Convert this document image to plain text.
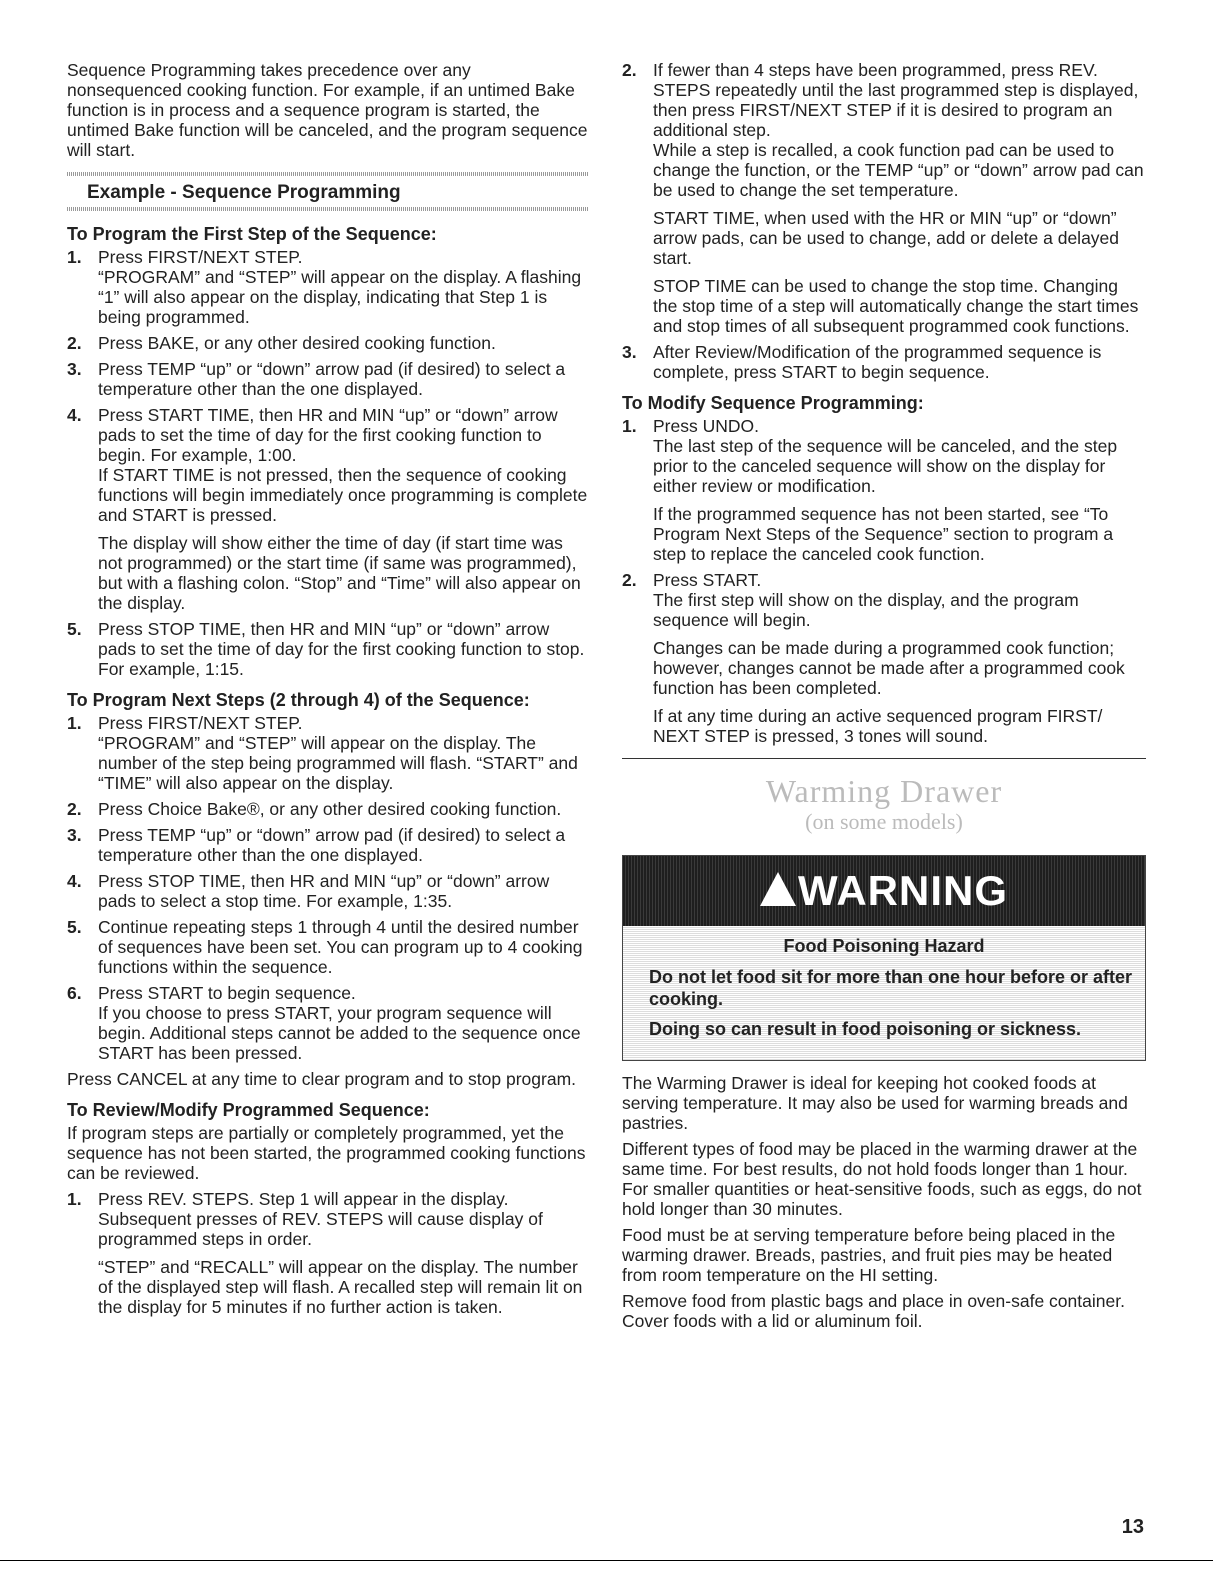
Sequence Programming takes precedence over any nonsequenced cooking function. For example, if an untimed Bake function is in process and a sequence program is started, the untimed Bake function will be canceled, and the program sequence will start.

Example - Sequence Programming
To Program the First Step of the Sequence:
1. Press FIRST/NEXT STEP.

“PROGRAM” and “STEP” will appear on the display. A flashing “1” will also appear on the display, indicating that Step 1 is being programmed.

2. Press BAKE, or any other desired cooking function.
3. Press TEMP “up” or “down” arrow pad (if desired) to select a temperature other than the one displayed.
4. Press START TIME, then HR and MIN “up” or “down” arrow pads to set the time of day for the first cooking function to begin. For example, 1:00.

If START TIME is not pressed, then the sequence of cooking functions will begin immediately once programming is complete and START is pressed.

The display will show either the time of day (if start time was not programmed) or the start time (if same was programmed), but with a flashing colon. “Stop” and “Time” will also appear on the display.

5. Press STOP TIME, then HR and MIN “up” or “down” arrow pads to set the time of day for the first cooking function to stop. For example, 1:15.
To Program Next Steps (2 through 4) of the Sequence:
1. Press FIRST/NEXT STEP.

“PROGRAM” and “STEP” will appear on the display. The number of the step being programmed will flash. “START” and “TIME” will also appear on the display.

2. Press Choice Bake®, or any other desired cooking function.
3. Press TEMP “up” or “down” arrow pad (if desired) to select a temperature other than the one displayed.
4. Press STOP TIME, then HR and MIN “up” or “down” arrow pads to select a stop time. For example, 1:35.
5. Continue repeating steps 1 through 4 until the desired number of sequences have been set. You can program up to 4 cooking functions within the sequence.
6. Press START to begin sequence.

If you choose to press START, your program sequence will begin. Additional steps cannot be added to the sequence once START has been pressed.

Press CANCEL at any time to clear program and to stop program.

To Review/Modify Programmed Sequence:

If program steps are partially or completely programmed, yet the sequence has not been started, the programmed cooking functions can be reviewed.

1. Press REV. STEPS. Step 1 will appear in the display.

Subsequent presses of REV. STEPS will cause display of programmed steps in order.

“STEP” and “RECALL” will appear on the display. The number of the displayed step will flash. A recalled step will remain lit on the display for 5 minutes if no further action is taken.

2. If fewer than 4 steps have been programmed, press REV. STEPS repeatedly until the last programmed step is displayed, then press FIRST/NEXT STEP if it is desired to program an additional step.

While a step is recalled, a cook function pad can be used to change the function, or the TEMP “up” or “down” arrow pad can be used to change the set temperature.

START TIME, when used with the HR or MIN “up” or “down” arrow pads, can be used to change, add or delete a delayed start.

STOP TIME can be used to change the stop time. Changing the stop time of a step will automatically change the start times and stop times of all subsequent programmed cook functions.

3. After Review/Modification of the programmed sequence is complete, press START to begin sequence.
To Modify Sequence Programming:
1. Press UNDO.

The last step of the sequence will be canceled, and the step prior to the canceled sequence will show on the display for either review or modification.

If the programmed sequence has not been started, see “To Program Next Steps of the Sequence” section to program a step to replace the canceled cook function.

2. Press START.

The first step will show on the display, and the program sequence will begin.

Changes can be made during a programmed cook function; however, changes cannot be made after a programmed cook function has been completed.

If at any time during an active sequenced program FIRST/ NEXT STEP is pressed, 3 tones will sound.

Warming Drawer
(on some models)
WARNING
Food Poisoning Hazard
Do not let food sit for more than one hour before or after cooking.
Doing so can result in food poisoning or sickness.

The Warming Drawer is ideal for keeping hot cooked foods at serving temperature. It may also be used for warming breads and pastries.

Different types of food may be placed in the warming drawer at the same time. For best results, do not hold foods longer than 1 hour. For smaller quantities or heat-sensitive foods, such as eggs, do not hold longer than 30 minutes.

Food must be at serving temperature before being placed in the warming drawer. Breads, pastries, and fruit pies may be heated from room temperature on the HI setting.

Remove food from plastic bags and place in oven-safe container. Cover foods with a lid or aluminum foil.

13
